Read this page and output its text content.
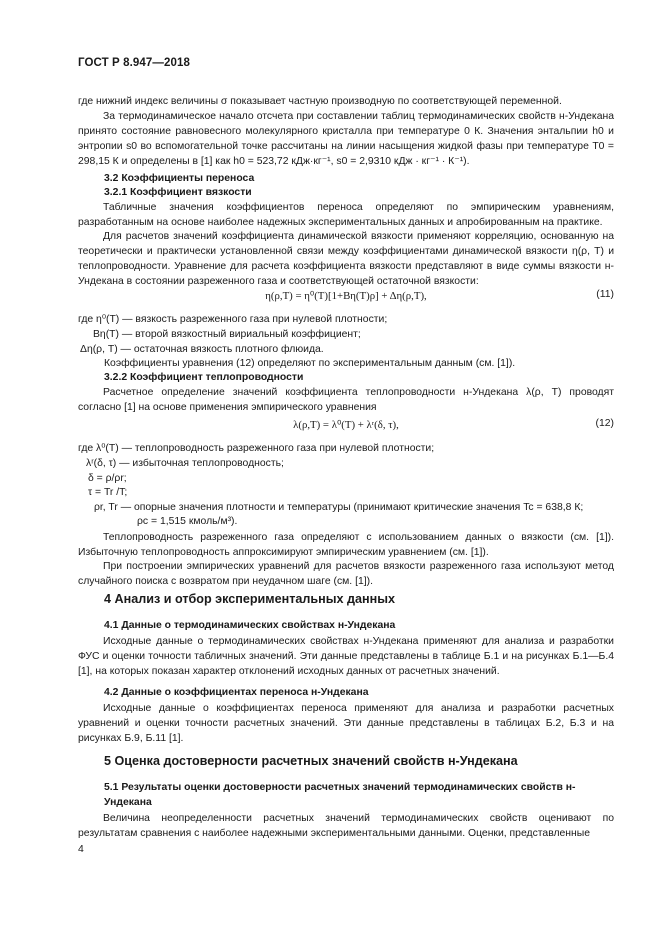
ГОСТ Р 8.947—2018
где нижний индекс величины σ показывает частную производную по соответствующей переменной.
За термодинамическое начало отсчета при составлении таблиц термодинамических свойств н-Ундекана принято состояние равновесного молекулярного кристалла при температуре 0 К. Значения энтальпии h0 и энтропии s0 во вспомогательной точке рассчитаны на линии насыщения жидкой фазы при температуре T0 = 298,15 К и определены в [1] как h0 = 523,72 кДж·кг⁻¹, s0 = 2,9310 кДж · кг⁻¹ · К⁻¹).
3.2 Коэффициенты переноса
3.2.1 Коэффициент вязкости
Табличные значения коэффициентов переноса определяют по эмпирическим уравнениям, разработанным на основе наиболее надежных экспериментальных данных и апробированным на практике.
Для расчетов значений коэффициента динамической вязкости применяют корреляцию, основанную на теоретически и практически установленной связи между коэффициентами динамической вязкости η(ρ, T) и теплопроводности. Уравнение для расчета коэффициента вязкости представляют в виде суммы вязкости н-Ундекана в состоянии разреженного газа и соответствующей остаточной вязкости:
η(ρ,T) = η⁰(T)[1+Bη(T)ρ] + Δη(ρ,T),	(11)
где η⁰(T) — вязкость разреженного газа при нулевой плотности;
Bη(T) — второй вязкостный вириальный коэффициент;
Δη(ρ, T) — остаточная вязкость плотного флюида.
Коэффициенты уравнения (12) определяют по экспериментальным данным (см. [1]).
3.2.2 Коэффициент теплопроводности
Расчетное определение значений коэффициента теплопроводности н-Ундекана λ(ρ, T) проводят согласно [1] на основе применения эмпирического уравнения
λ(ρ,T) = λ⁰(T) + λʳ(δ, τ),	(12)
где λ⁰(T) — теплопроводность разреженного газа при нулевой плотности;
λʳ(δ, τ) — избыточная теплопроводность;
δ = ρ/ρr;
τ = Tr /T;
ρr, Tr — опорные значения плотности и температуры (принимают критические значения Tc = 638,8 К;
ρc = 1,515 кмоль/м³).
Теплопроводность разреженного газа определяют с использованием данных о вязкости (см. [1]). Избыточную теплопроводность аппроксимируют эмпирическим уравнением (см. [1]).
При построении эмпирических уравнений для расчетов вязкости разреженного газа используют метод случайного поиска с возвратом при неудачном шаге (см. [1]).
4 Анализ и отбор экспериментальных данных
4.1 Данные о термодинамических свойствах н-Ундекана
Исходные данные о термодинамических свойствах н-Ундекана применяют для анализа и разработки ФУС и оценки точности табличных значений. Эти данные представлены в таблице Б.1 и на рисунках Б.1—Б.4 [1], на которых показан характер отклонений исходных данных от расчетных значений.
4.2 Данные о коэффициентах переноса н-Ундекана
Исходные данные о коэффициентах переноса применяют для анализа и разработки расчетных уравнений и оценки точности расчетных значений. Эти данные представлены в таблицах Б.2, Б.3 и на рисунках Б.9, Б.11 [1].
5 Оценка достоверности расчетных значений свойств н-Ундекана
5.1 Результаты оценки достоверности расчетных значений термодинамических свойств н-Ундекана
Величина неопределенности расчетных значений термодинамических свойств оценивают по результатам сравнения с наиболее надежными экспериментальными данными. Оценки, представленные
4
